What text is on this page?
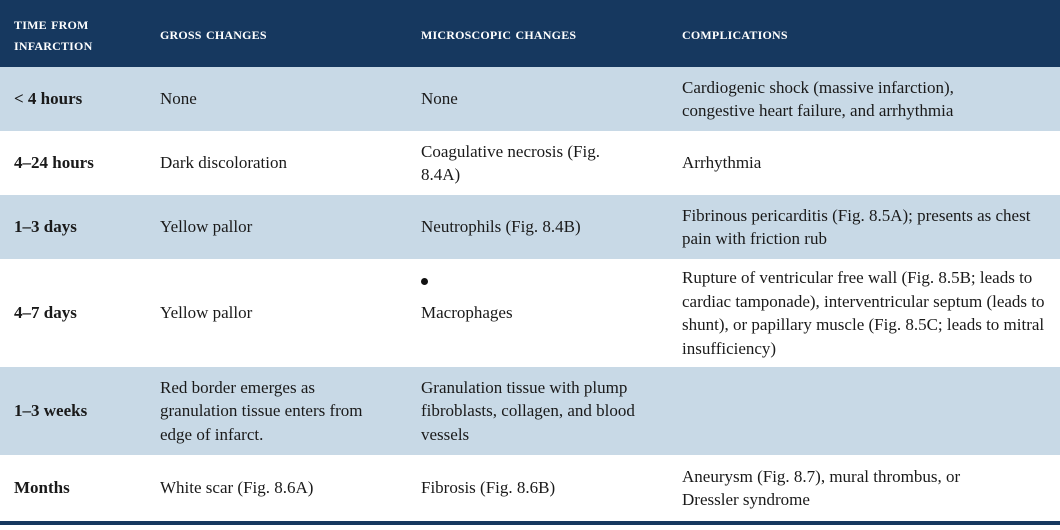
time from infarction	gross changes	microscopic changes	complications
< 4 hours	None	None	Cardiogenic shock (massive infarction), congestive heart failure, and arrhythmia
4–24 hours	Dark discoloration	Coagulative necrosis (Fig. 8.4A)	Arrhythmia
1–3 days	Yellow pallor	Neutrophils (Fig. 8.4B)	Fibrinous pericarditis (Fig. 8.5A); presents as chest pain with friction rub
4–7 days	Yellow pallor	Macrophages	Rupture of ventricular free wall (Fig. 8.5B; leads to cardiac tamponade), interventricular septum (leads to shunt), or papillary muscle (Fig. 8.5C; leads to mitral insufficiency)
1–3 weeks	Red border emerges as granulation tissue enters from edge of infarct.	Granulation tissue with plump fibroblasts, collagen, and blood vessels	
Months	White scar (Fig. 8.6A)	Fibrosis (Fig. 8.6B)	Aneurysm (Fig. 8.7), mural thrombus, or Dressler syndrome
